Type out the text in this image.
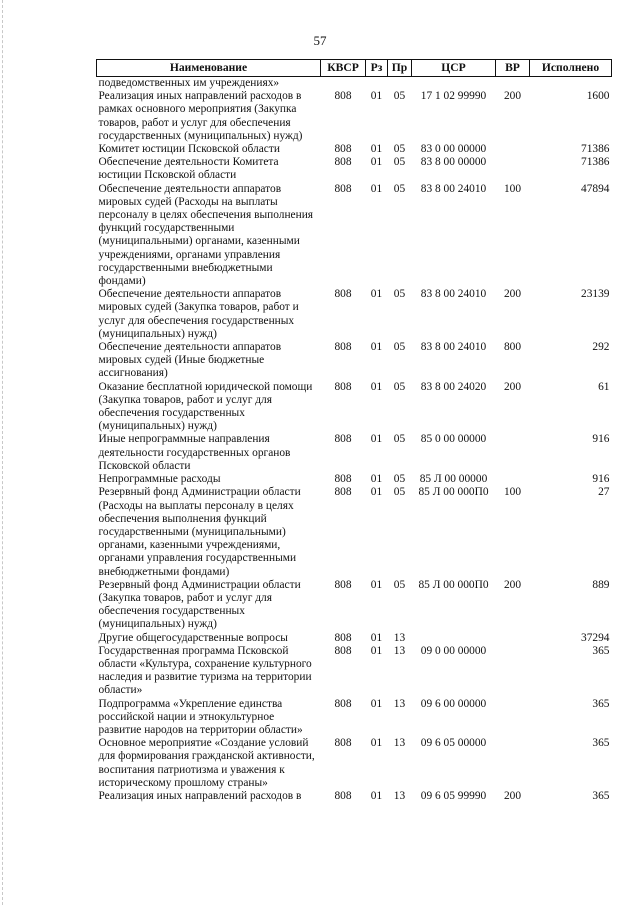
57
Наименование	КВСР	Рз	Пр	ЦСР	ВР	Исполнено
подведомственных им учреждениях»						
Реализация иных направлений расходов в рамках основного мероприятия (Закупка товаров, работ и услуг для обеспечения государственных (муниципальных) нужд)	808	01	05	17 1 02 99990	200	1600
Комитет юстиции Псковской области	808	01	05	83 0 00 00000		71386
Обеспечение деятельности Комитета юстиции Псковской области	808	01	05	83 8 00 00000		71386
Обеспечение деятельности аппаратов мировых судей (Расходы на выплаты персоналу в целях обеспечения выполнения функций государственными (муниципальными) органами, казенными учреждениями, органами управления государственными внебюджетными фондами)	808	01	05	83 8 00 24010	100	47894
Обеспечение деятельности аппаратов мировых судей (Закупка товаров, работ и услуг для обеспечения государственных (муниципальных) нужд)	808	01	05	83 8 00 24010	200	23139
Обеспечение деятельности аппаратов мировых судей (Иные бюджетные ассигнования)	808	01	05	83 8 00 24010	800	292
Оказание бесплатной юридической помощи (Закупка товаров, работ и услуг для обеспечения государственных (муниципальных) нужд)	808	01	05	83 8 00 24020	200	61
Иные непрограммные направления деятельности государственных органов Псковской области	808	01	05	85 0 00 00000		916
Непрограммные расходы	808	01	05	85 Л 00 00000		916
Резервный фонд Администрации области (Расходы на выплаты персоналу в целях обеспечения выполнения функций государственными (муниципальными) органами, казенными учреждениями, органами управления государственными внебюджетными фондами)	808	01	05	85 Л 00 000П0	100	27
Резервный фонд Администрации области (Закупка товаров, работ и услуг для обеспечения государственных (муниципальных) нужд)	808	01	05	85 Л 00 000П0	200	889
Другие общегосударственные вопросы	808	01	13			37294
Государственная программа Псковской области «Культура, сохранение культурного наследия и развитие туризма на территории области»	808	01	13	09 0 00 00000		365
Подпрограмма «Укрепление единства российской нации и этнокультурное развитие народов на территории области»	808	01	13	09 6 00 00000		365
Основное мероприятие «Создание условий для формирования гражданской активности, воспитания патриотизма и уважения к историческому прошлому страны»	808	01	13	09 6 05 00000		365
Реализация иных направлений расходов в	808	01	13	09 6 05 99990	200	365
